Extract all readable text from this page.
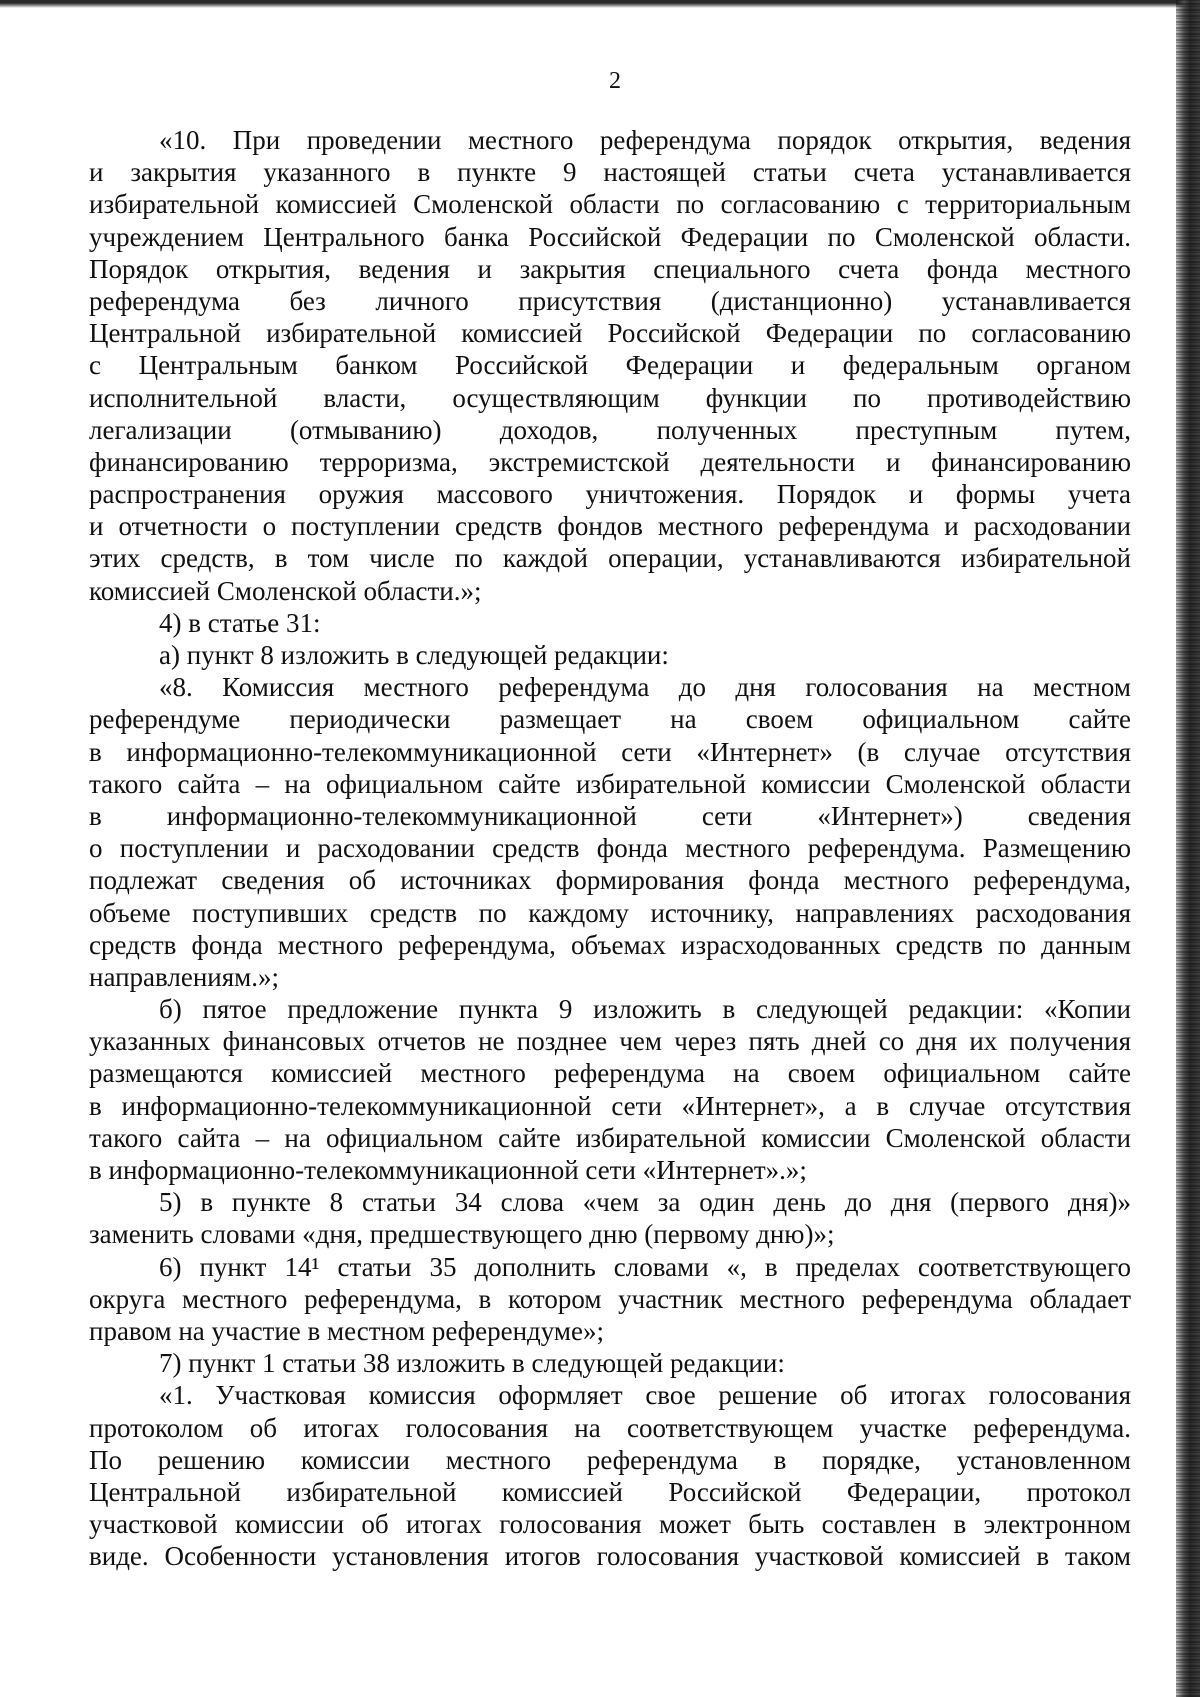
2
«10. При проведении местного референдума порядок открытия, ведения
и закрытия указанного в пункте 9 настоящей статьи счета устанавливается
избирательной комиссией Смоленской области по согласованию с территориальным
учреждением Центрального банка Российской Федерации по Смоленской области.
Порядок открытия, ведения и закрытия специального счета фонда местного
референдума без личного присутствия (дистанционно) устанавливается
Центральной избирательной комиссией Российской Федерации по согласованию
с Центральным банком Российской Федерации и федеральным органом
исполнительной власти, осуществляющим функции по противодействию
легализации (отмыванию) доходов, полученных преступным путем,
финансированию терроризма, экстремистской деятельности и финансированию
распространения оружия массового уничтожения. Порядок и формы учета
и отчетности о поступлении средств фондов местного референдума и расходовании
этих средств, в том числе по каждой операции, устанавливаются избирательной
комиссией Смоленской области.»;
4) в статье 31:
а) пункт 8 изложить в следующей редакции:
«8. Комиссия местного референдума до дня голосования на местном
референдуме периодически размещает на своем официальном сайте
в информационно-телекоммуникационной сети «Интернет» (в случае отсутствия
такого сайта – на официальном сайте избирательной комиссии Смоленской области
в информационно-телекоммуникационной сети «Интернет») сведения
о поступлении и расходовании средств фонда местного референдума. Размещению
подлежат сведения об источниках формирования фонда местного референдума,
объеме поступивших средств по каждому источнику, направлениях расходования
средств фонда местного референдума, объемах израсходованных средств по данным
направлениям.»;
б) пятое предложение пункта 9 изложить в следующей редакции: «Копии
указанных финансовых отчетов не позднее чем через пять дней со дня их получения
размещаются комиссией местного референдума на своем официальном сайте
в информационно-телекоммуникационной сети «Интернет», а в случае отсутствия
такого сайта – на официальном сайте избирательной комиссии Смоленской области
в информационно-телекоммуникационной сети «Интернет».»;
5) в пункте 8 статьи 34 слова «чем за один день до дня (первого дня)»
заменить словами «дня, предшествующего дню (первому дню)»;
6) пункт 14¹ статьи 35 дополнить словами «, в пределах соответствующего
округа местного референдума, в котором участник местного референдума обладает
правом на участие в местном референдуме»;
7) пункт 1 статьи 38 изложить в следующей редакции:
«1. Участковая комиссия оформляет свое решение об итогах голосования
протоколом об итогах голосования на соответствующем участке референдума.
По решению комиссии местного референдума в порядке, установленном
Центральной избирательной комиссией Российской Федерации, протокол
участковой комиссии об итогах голосования может быть составлен в электронном
виде. Особенности установления итогов голосования участковой комиссией в таком
